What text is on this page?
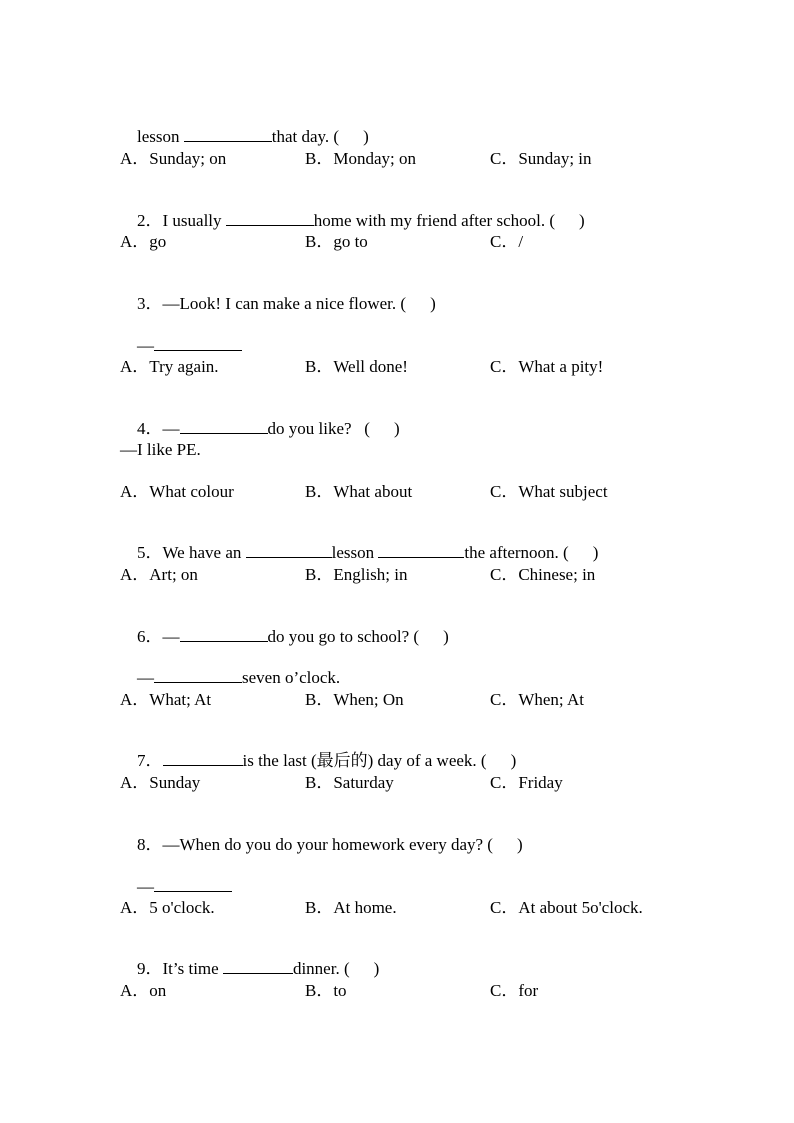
lesson	that day. ( )

A．Sunday; on	B．Monday; on	C．Sunday; in

2．I usually	home with my friend after school. ( )

A．go	B．go to	C．/

3．—Look! I can make a nice flower. ( )

—

A．Try again.	B．Well done!	C．What a pity!

4．—	do you like?   ( )

—I like PE.
A．What colour	B．What about	C．What subject

5．We have an	lesson	the afternoon. ( )

A．Art; on	B．English; in	C．Chinese; in

6．—	do you go to school? ( )

—	seven o’clock.

A．What; At	B．When; On	C．When; At

7．	is the last (最后的) day of a week. ( )

A．Sunday	B．Saturday	C．Friday

8．—When do you do your homework every day? ( )

—

A．5 o'clock.	B．At home.	C．At about 5o'clock.

9．It’s time	dinner. ( )

A．on	B．to	C．for
